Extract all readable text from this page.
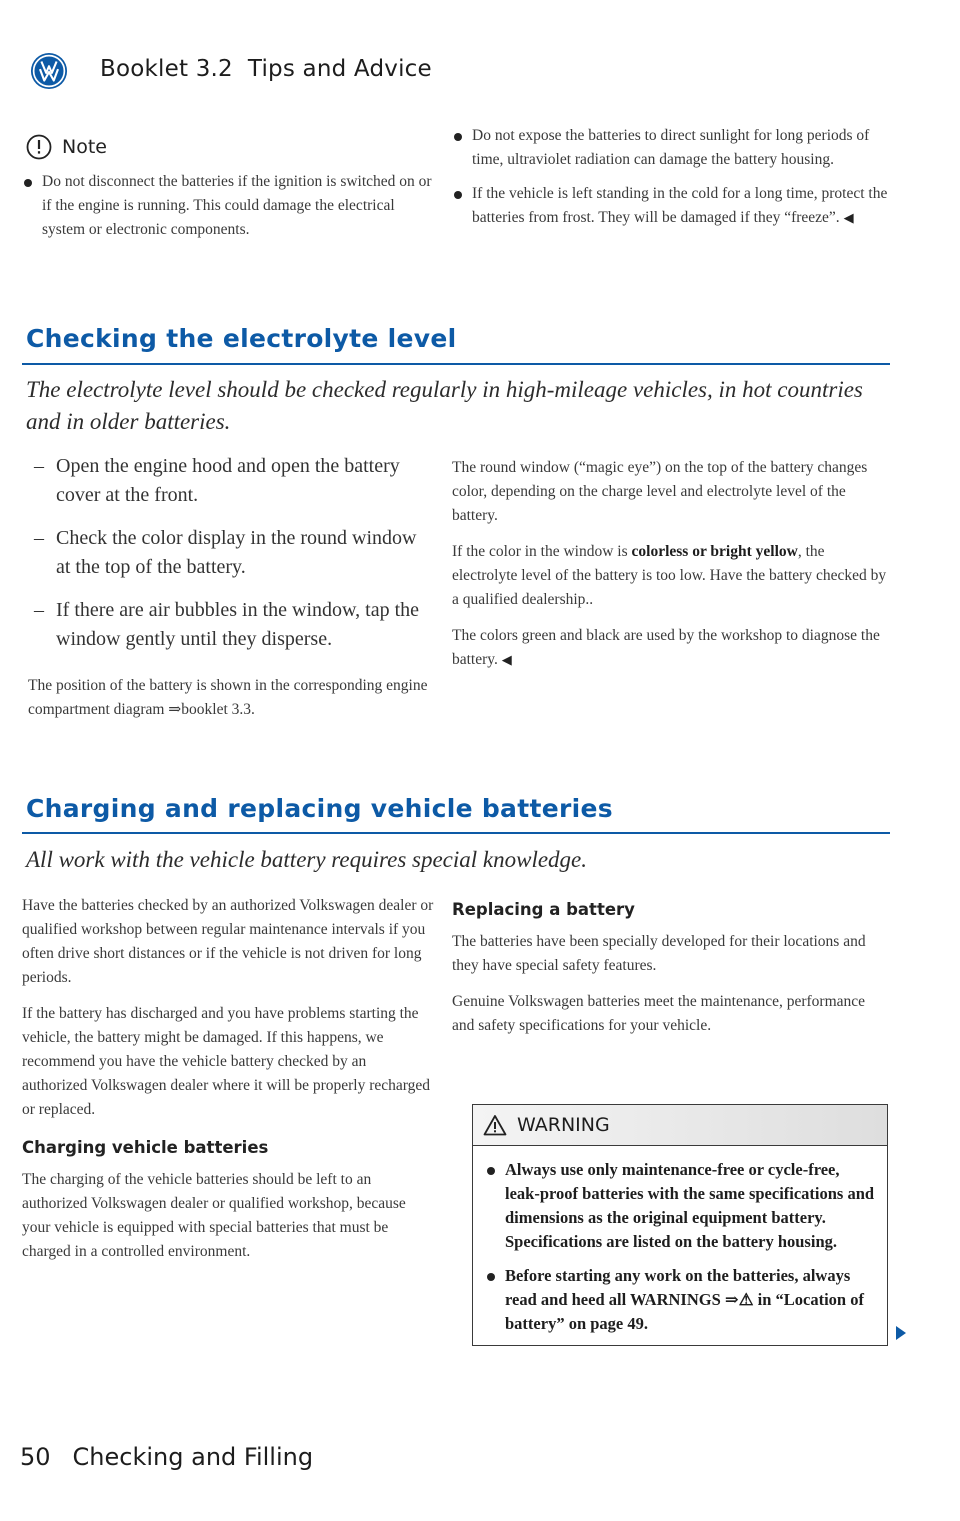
Booklet 3.2 Tips and Advice
Note
Do not disconnect the batteries if the ignition is switched on or if the engine is running. This could damage the electrical system or electronic components.
Do not expose the batteries to direct sunlight for long periods of time, ultraviolet radiation can damage the battery housing.
If the vehicle is left standing in the cold for a long time, protect the batteries from frost. They will be damaged if they “freeze”. ◀
Checking the electrolyte level
The electrolyte level should be checked regularly in high-mileage vehicles, in hot countries and in older batteries.
– Open the engine hood and open the battery cover at the front.
– Check the color display in the round window at the top of the battery.
– If there are air bubbles in the window, tap the window gently until they disperse.
The position of the battery is shown in the corresponding engine compartment diagram ⇒booklet 3.3.
The round window (“magic eye”) on the top of the battery changes color, depending on the charge level and electrolyte level of the battery.
If the color in the window is colorless or bright yellow, the electrolyte level of the battery is too low. Have the battery checked by a qualified dealership..
The colors green and black are used by the workshop to diagnose the battery. ◀
Charging and replacing vehicle batteries
All work with the vehicle battery requires special knowledge.
Have the batteries checked by an authorized Volkswagen dealer or qualified workshop between regular maintenance intervals if you often drive short distances or if the vehicle is not driven for long periods.
If the battery has discharged and you have problems starting the vehicle, the battery might be damaged. If this happens, we recommend you have the vehicle battery checked by an authorized Volkswagen dealer where it will be properly recharged or replaced.
Charging vehicle batteries
The charging of the vehicle batteries should be left to an authorized Volkswagen dealer or qualified workshop, because your vehicle is equipped with special batteries that must be charged in a controlled environment.
Replacing a battery
The batteries have been specially developed for their locations and they have special safety features.
Genuine Volkswagen batteries meet the maintenance, performance and safety specifications for your vehicle.
WARNING
Always use only maintenance-free or cycle-free, leak-proof batteries with the same specifications and dimensions as the original equipment battery. Specifications are listed on the battery housing.
Before starting any work on the batteries, always read and heed all WARNINGS ⇒⚠ in “Location of battery” on page 49.
50 Checking and Filling
